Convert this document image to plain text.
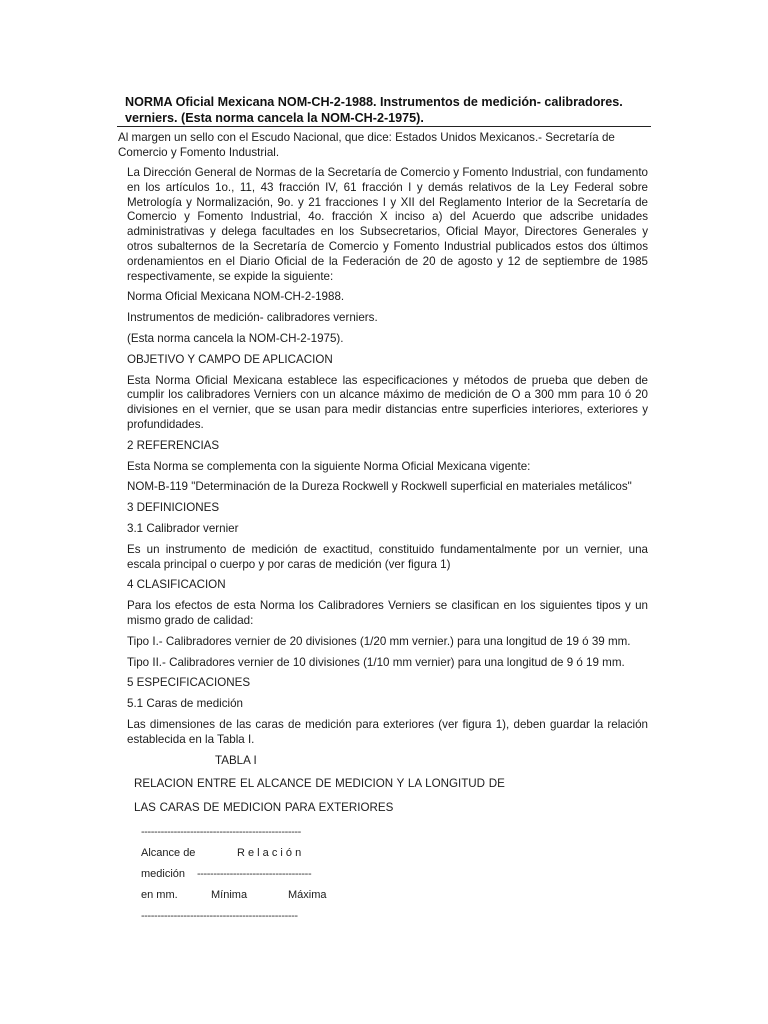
NORMA Oficial Mexicana NOM-CH-2-1988. Instrumentos de medición- calibradores. verniers. (Esta norma cancela la NOM-CH-2-1975).

Al margen un sello con el Escudo Nacional, que dice: Estados Unidos Mexicanos.- Secretaría de Comercio y Fomento Industrial.

La Dirección General de Normas de la Secretaría de Comercio y Fomento Industrial, con fundamento en los artículos 1o., 11, 43 fracción IV, 61 fracción I y demás relativos de la Ley Federal sobre Metrología y Normalización, 9o. y 21 fracciones I y XII del Reglamento Interior de la Secretaría de Comercio y Fomento Industrial, 4o. fracción X inciso a) del Acuerdo que adscribe unidades administrativas y delega facultades en los Subsecretarios, Oficial Mayor, Directores Generales y otros subalternos de la Secretaría de Comercio y Fomento Industrial publicados estos dos últimos ordenamientos en el Diario Oficial de la Federación de 20 de agosto y 12 de septiembre de 1985 respectivamente, se expide la siguiente:

Norma Oficial Mexicana NOM-CH-2-1988.

Instrumentos de medición- calibradores verniers.

(Esta norma cancela la NOM-CH-2-1975).

OBJETIVO Y CAMPO DE APLICACION

Esta Norma Oficial Mexicana establece las especificaciones y métodos de prueba que deben de cumplir los calibradores Verniers con un alcance máximo de medición de O a 300 mm para 10 ó 20 divisiones en el vernier, que se usan para medir distancias entre superficies interiores, exteriores y profundidades.

2 REFERENCIAS

Esta Norma se complementa con la siguiente Norma Oficial Mexicana vigente:

NOM-B-119 "Determinación de la Dureza Rockwell y Rockwell superficial en materiales metálicos"

3 DEFINICIONES

3.1 Calibrador vernier

Es un instrumento de medición de exactitud, constituido fundamentalmente por un vernier, una escala principal o cuerpo y por caras de medición (ver figura 1)

4 CLASIFICACION

Para los efectos de esta Norma los Calibradores Verniers se clasifican en los siguientes tipos y un mismo grado de calidad:

Tipo I.- Calibradores vernier de 20 divisiones (1/20 mm vernier.) para una longitud de 19 ó 39 mm.

Tipo II.- Calibradores vernier de 10 divisiones (1/10 mm vernier) para una longitud de 9 ó 19 mm.

5 ESPECIFICACIONES

5.1 Caras de medición

Las dimensiones de las caras de medición para exteriores (ver figura 1), deben guardar la relación establecida en la Tabla I.

TABLA I

RELACION ENTRE EL ALCANCE DE MEDICION Y LA LONGITUD DE

LAS CARAS DE MEDICION PARA EXTERIORES

-------------------------------------------------
Alcance de	R e l a c i ó n
medición -----------------------------------
en mm.	Mínima	Máxima
------------------------------------------------
